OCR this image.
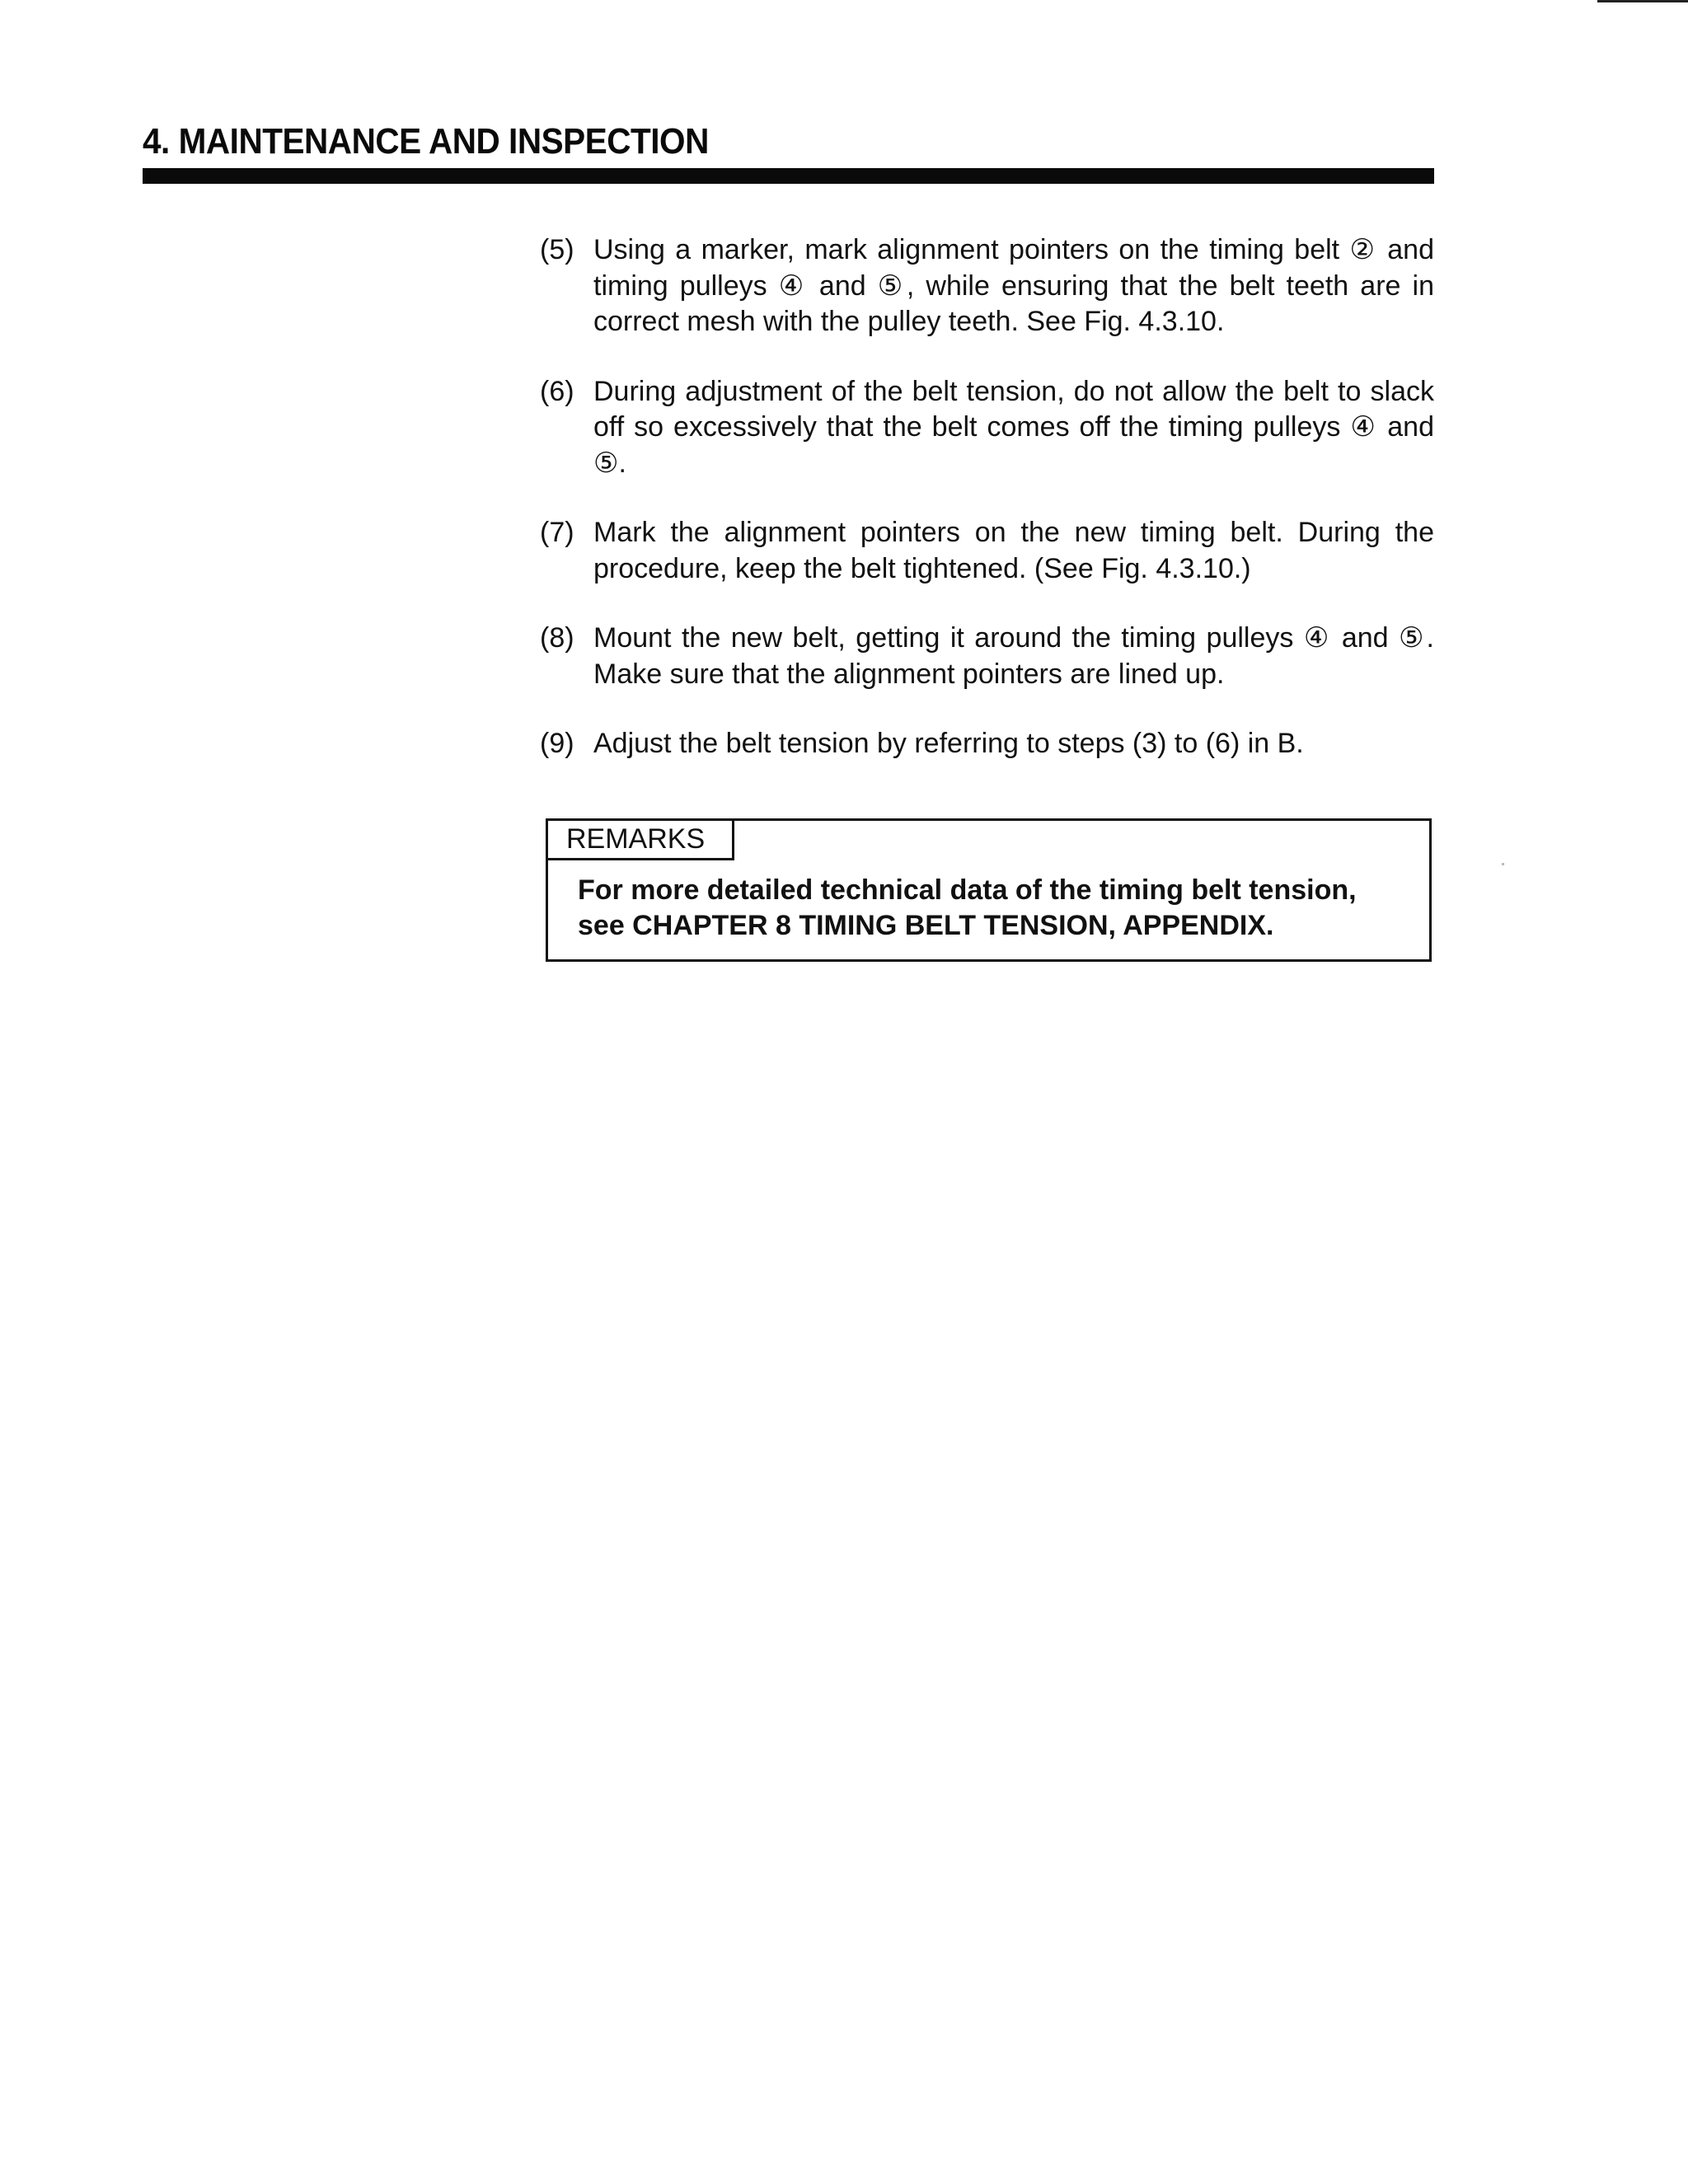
4. MAINTENANCE AND INSPECTION
(5) Using a marker, mark alignment pointers on the timing belt ② and timing pulleys ④ and ⑤, while ensuring that the belt teeth are in correct mesh with the pulley teeth. See Fig. 4.3.10.
(6) During adjustment of the belt tension, do not allow the belt to slack off so excessively that the belt comes off the timing pulleys ④ and ⑤.
(7) Mark the alignment pointers on the new timing belt. During the procedure, keep the belt tightened. (See Fig. 4.3.10.)
(8) Mount the new belt, getting it around the timing pulleys ④ and ⑤. Make sure that the alignment pointers are lined up.
(9) Adjust the belt tension by referring to steps (3) to (6) in B.
REMARKS
For more detailed technical data of the timing belt tension,
see CHAPTER 8 TIMING BELT TENSION, APPENDIX.
